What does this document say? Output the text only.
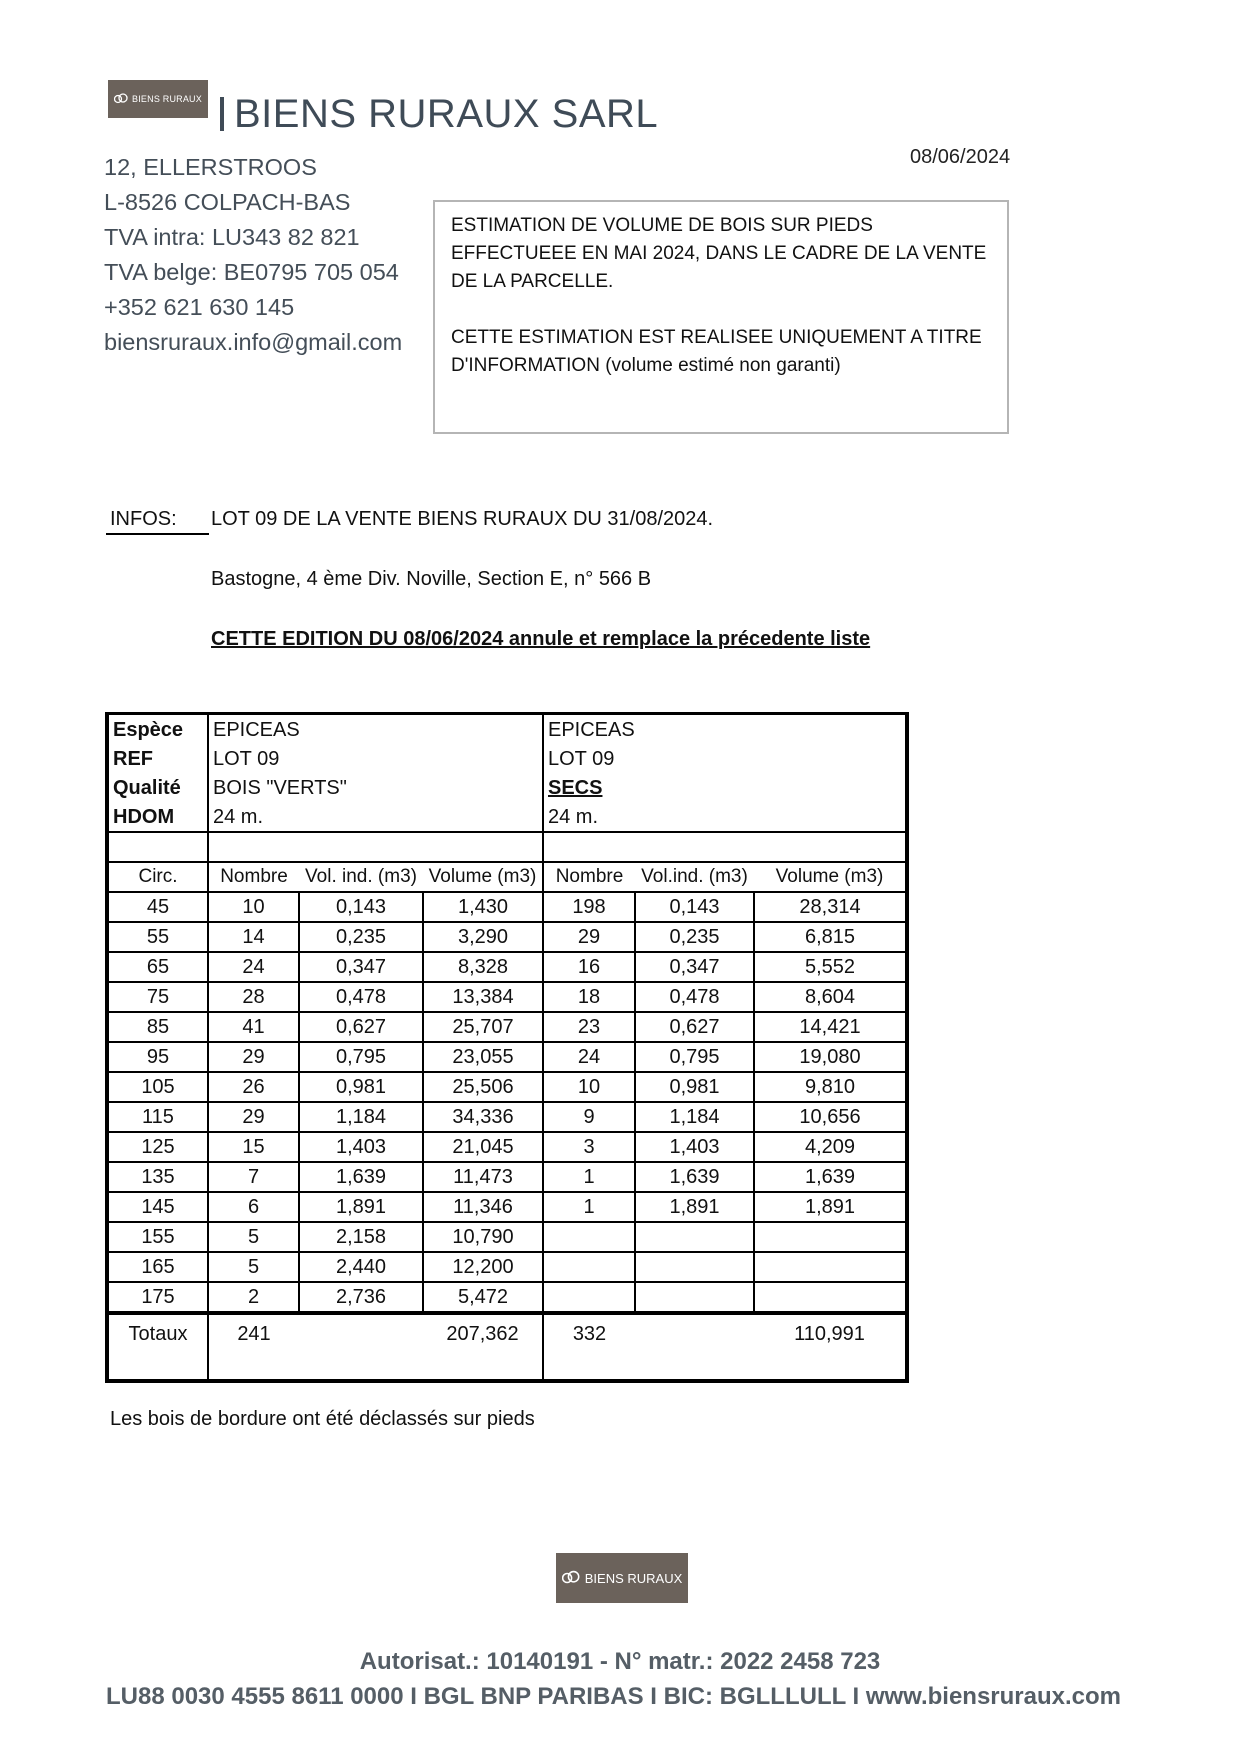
BIENS RURAUX BIENS RURAUX SARL
08/06/2024
12, ELLERSTROOS
L-8526 COLPACH-BAS
TVA intra: LU343 82 821
TVA belge: BE0795 705 054
+352 621 630 145
biensruraux.info@gmail.com

ESTIMATION DE VOLUME DE BOIS SUR PIEDS EFFECTUEEE EN MAI 2024, DANS LE CADRE DE LA VENTE DE LA PARCELLE.

CETTE ESTIMATION EST REALISEE UNIQUEMENT A TITRE D'INFORMATION (volume estimé non garanti)

INFOS: LOT 09 DE LA VENTE BIENS RURAUX DU 31/08/2024.
Bastogne, 4 ème Div. Noville, Section E, n° 566 B
CETTE EDITION DU 08/06/2024 annule et remplace la précedente liste
Espèce	EPICEAS			EPICEAS		
REF	LOT 09			LOT 09		
Qualité	BOIS "VERTS"			SECS		
HDOM	24 m.			24 m.		

Circ.	Nombre	Vol. ind. (m3)	Volume (m3)	Nombre	Vol.ind. (m3)	Volume (m3)
45	10	0,143	1,430	198	0,143	28,314
55	14	0,235	3,290	29	0,235	6,815
65	24	0,347	8,328	16	0,347	5,552
75	28	0,478	13,384	18	0,478	8,604
85	41	0,627	25,707	23	0,627	14,421
95	29	0,795	23,055	24	0,795	19,080
105	26	0,981	25,506	10	0,981	9,810
115	29	1,184	34,336	9	1,184	10,656
125	15	1,403	21,045	3	1,403	4,209
135	7	1,639	11,473	1	1,639	1,639
145	6	1,891	11,346	1	1,891	1,891
155	5	2,158	10,790			
165	5	2,440	12,200			
175	2	2,736	5,472			
Totaux	241		207,362	332		110,991
Les bois de bordure ont été déclassés sur pieds
BIENS RURAUX
Autorisat.: 10140191 - N° matr.: 2022 2458 723
LU88 0030 4555 8611 0000 I BGL BNP PARIBAS I BIC: BGLLLULL I www.biensruraux.com
